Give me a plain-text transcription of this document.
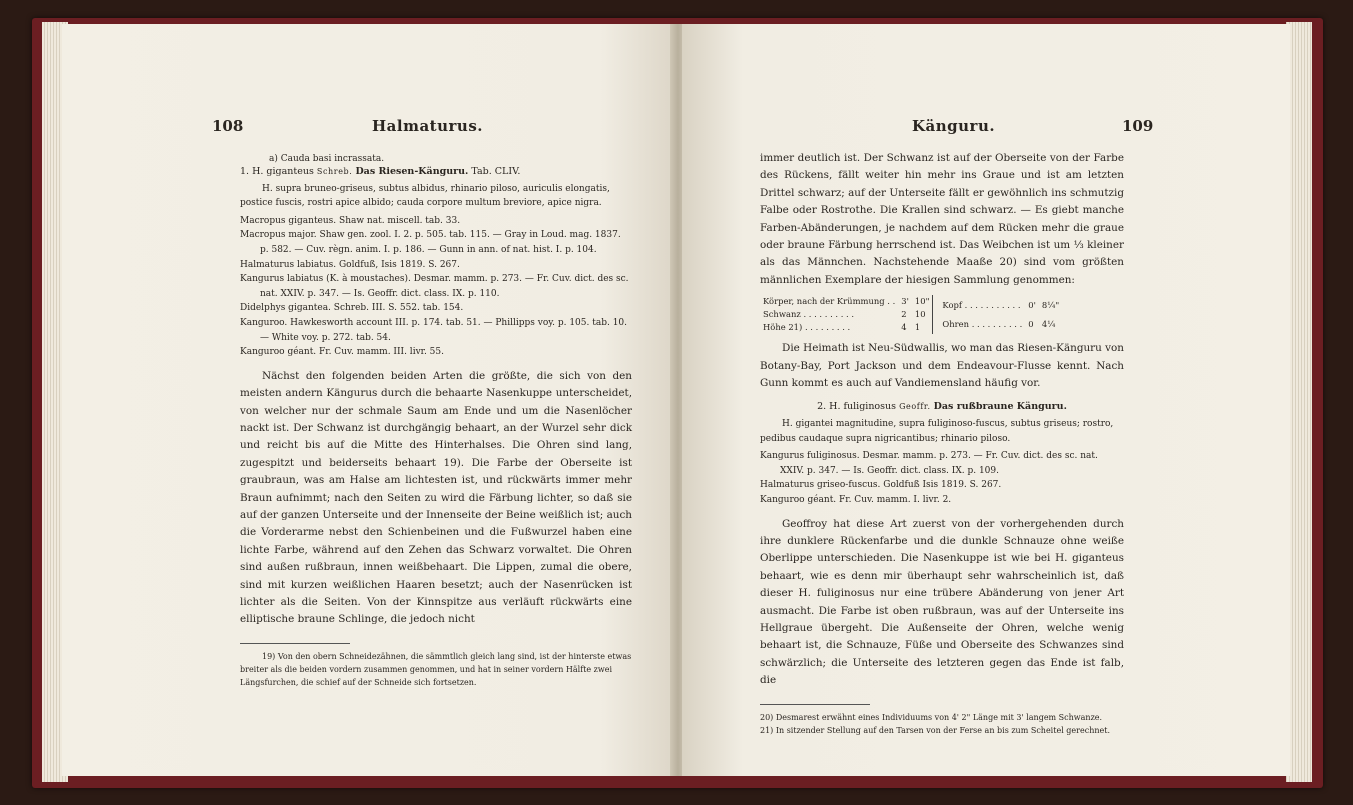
108	Halmaturus.
a) Cauda basi incrassata.

1. H. giganteus Schreb. Das Riesen-Känguru. Tab. CLIV.

H. supra bruneo-griseus, subtus albidus, rhinario piloso, auriculis elongatis, postice fuscis, rostri apice albido; cauda corpore multum breviore, apice nigra.

Macropus giganteus. Shaw nat. miscell. tab. 33.

Macropus major. Shaw gen. zool. I. 2. p. 505. tab. 115. — Gray in Loud. mag. 1837. p. 582. — Cuv. règn. anim. I. p. 186. — Gunn in ann. of nat. hist. I. p. 104.

Halmaturus labiatus. Goldfuß, Isis 1819. S. 267.

Kangurus labiatus (K. à moustaches). Desmar. mamm. p. 273. — Fr. Cuv. dict. des sc. nat. XXIV. p. 347. — Is. Geoffr. dict. class. IX. p. 110.

Didelphys gigantea. Schreb. III. S. 552. tab. 154.

Kanguroo. Hawkesworth account III. p. 174. tab. 51. — Phillipps voy. p. 105. tab. 10. — White voy. p. 272. tab. 54.

Kanguroo géant. Fr. Cuv. mamm. III. livr. 55.

Nächst den folgenden beiden Arten die größte, die sich von den meisten andern Kängurus durch die behaarte Nasenkuppe unterscheidet, von welcher nur der schmale Saum am Ende und um die Nasenlöcher nackt ist. Der Schwanz ist durchgängig behaart, an der Wurzel sehr dick und reicht bis auf die Mitte des Hinterhalses. Die Ohren sind lang, zugespitzt und beiderseits behaart 19). Die Farbe der Oberseite ist graubraun, was am Halse am lichtesten ist, und rückwärts immer mehr Braun aufnimmt; nach den Seiten zu wird die Färbung lichter, so daß sie auf der ganzen Unterseite und der Innenseite der Beine weißlich ist; auch die Vorderarme nebst den Schienbeinen und die Fußwurzel haben eine lichte Farbe, während auf den Zehen das Schwarz vorwaltet. Die Ohren sind außen rußbraun, innen weißbehaart. Die Lippen, zumal die obere, sind mit kurzen weißlichen Haaren besetzt; auch der Nasenrücken ist lichter als die Seiten. Von der Kinnspitze aus verläuft rückwärts eine elliptische braune Schlinge, die jedoch nicht

19) Von den obern Schneidezähnen, die sämmtlich gleich lang sind, ist der hinterste etwas breiter als die beiden vordern zusammen genommen, und hat in seiner vordern Hälfte zwei Längsfurchen, die schief auf der Schneide sich fortsetzen.

Känguru.	109

immer deutlich ist. Der Schwanz ist auf der Oberseite von der Farbe des Rückens, fällt weiter hin mehr ins Graue und ist am letzten Drittel schwarz; auf der Unterseite fällt er gewöhnlich ins schmutzig Falbe oder Rostrothe. Die Krallen sind schwarz. — Es giebt manche Farben-Abänderungen, je nachdem auf dem Rücken mehr die graue oder braune Färbung herrschend ist. Das Weibchen ist um ⅓ kleiner als das Männchen. Nachstehende Maaße 20) sind vom größten männlichen Exemplare der hiesigen Sammlung genommen:

Körper, nach der Krümmung . .	3'	10"
Schwanz . . . . . . . . . .	2	10
Höhe 21) . . . . . . . . .	4	1
Kopf . . . . . . . . . . .	0'	8¼"
Ohren . . . . . . . . . .	0	4¼

Die Heimath ist Neu-Südwallis, wo man das Riesen-Känguru von Botany-Bay, Port Jackson und dem Endeavour-Flusse kennt. Nach Gunn kommt es auch auf Vandiemensland häufig vor.

2. H. fuliginosus Geoffr. Das rußbraune Känguru.

H. gigantei magnitudine, supra fuliginoso-fuscus, subtus griseus; rostro, pedibus caudaque supra nigricantibus; rhinario piloso.

Kangurus fuliginosus. Desmar. mamm. p. 273. — Fr. Cuv. dict. des sc. nat. XXIV. p. 347. — Is. Geoffr. dict. class. IX. p. 109.

Halmaturus griseo-fuscus. Goldfuß Isis 1819. S. 267.

Kanguroo géant. Fr. Cuv. mamm. I. livr. 2.

Geoffroy hat diese Art zuerst von der vorhergehenden durch ihre dunklere Rückenfarbe und die dunkle Schnauze ohne weiße Oberlippe unterschieden. Die Nasenkuppe ist wie bei H. giganteus behaart, wie es denn mir überhaupt sehr wahrscheinlich ist, daß dieser H. fuliginosus nur eine trübere Abänderung von jener Art ausmacht. Die Farbe ist oben rußbraun, was auf der Unterseite ins Hellgraue übergeht. Die Außenseite der Ohren, welche wenig behaart ist, die Schnauze, Füße und Oberseite des Schwanzes sind schwärzlich; die Unterseite des letzteren gegen das Ende ist falb, die

20) Desmarest erwähnt eines Individuums von 4' 2" Länge mit 3' langem Schwanze.

21) In sitzender Stellung auf den Tarsen von der Ferse an bis zum Scheitel gerechnet.
